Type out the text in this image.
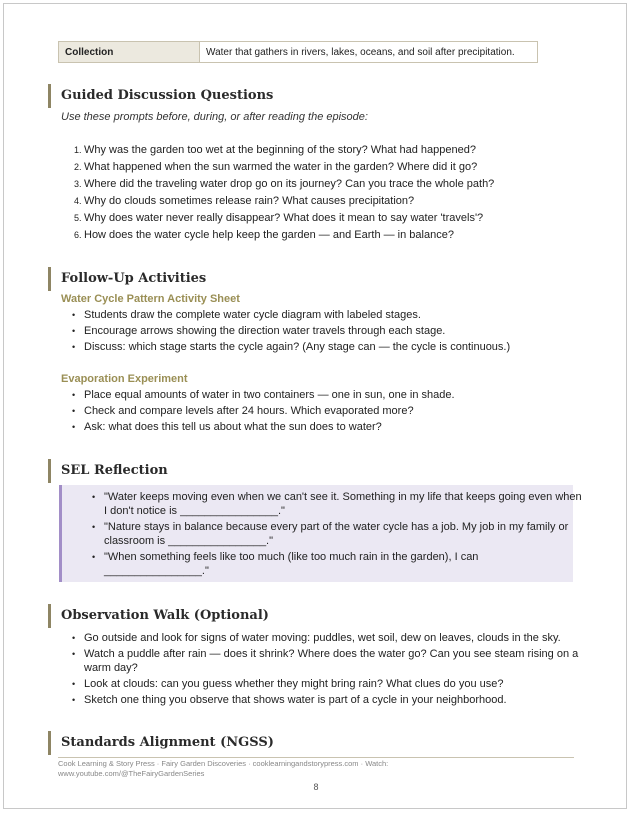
Collection	Water that gathers in rivers, lakes, oceans, and soil after precipitation.
Guided Discussion Questions
Use these prompts before, during, or after reading the episode:
1. Why was the garden too wet at the beginning of the story? What had happened?
2. What happened when the sun warmed the water in the garden? Where did it go?
3. Where did the traveling water drop go on its journey? Can you trace the whole path?
4. Why do clouds sometimes release rain? What causes precipitation?
5. Why does water never really disappear? What does it mean to say water 'travels'?
6. How does the water cycle help keep the garden — and Earth — in balance?
Follow-Up Activities
Water Cycle Pattern Activity Sheet
• Students draw the complete water cycle diagram with labeled stages.
• Encourage arrows showing the direction water travels through each stage.
• Discuss: which stage starts the cycle again? (Any stage can — the cycle is continuous.)
Evaporation Experiment
• Place equal amounts of water in two containers — one in sun, one in shade.
• Check and compare levels after 24 hours. Which evaporated more?
• Ask: what does this tell us about what the sun does to water?
SEL Reflection
• "Water keeps moving even when we can't see it. Something in my life that keeps going even when I don't notice is ________________."
• "Nature stays in balance because every part of the water cycle has a job. My job in my family or classroom is ________________."
• "When something feels like too much (like too much rain in the garden), I can ________________."
Observation Walk (Optional)
• Go outside and look for signs of water moving: puddles, wet soil, dew on leaves, clouds in the sky.
• Watch a puddle after rain — does it shrink? Where does the water go? Can you see steam rising on a warm day?
• Look at clouds: can you guess whether they might bring rain? What clues do you use?
• Sketch one thing you observe that shows water is part of a cycle in your neighborhood.
Standards Alignment (NGSS)
Cook Learning & Story Press · Fairy Garden Discoveries · cooklearningandstorypress.com · Watch: www.youtube.com/@TheFairyGardenSeries
8
